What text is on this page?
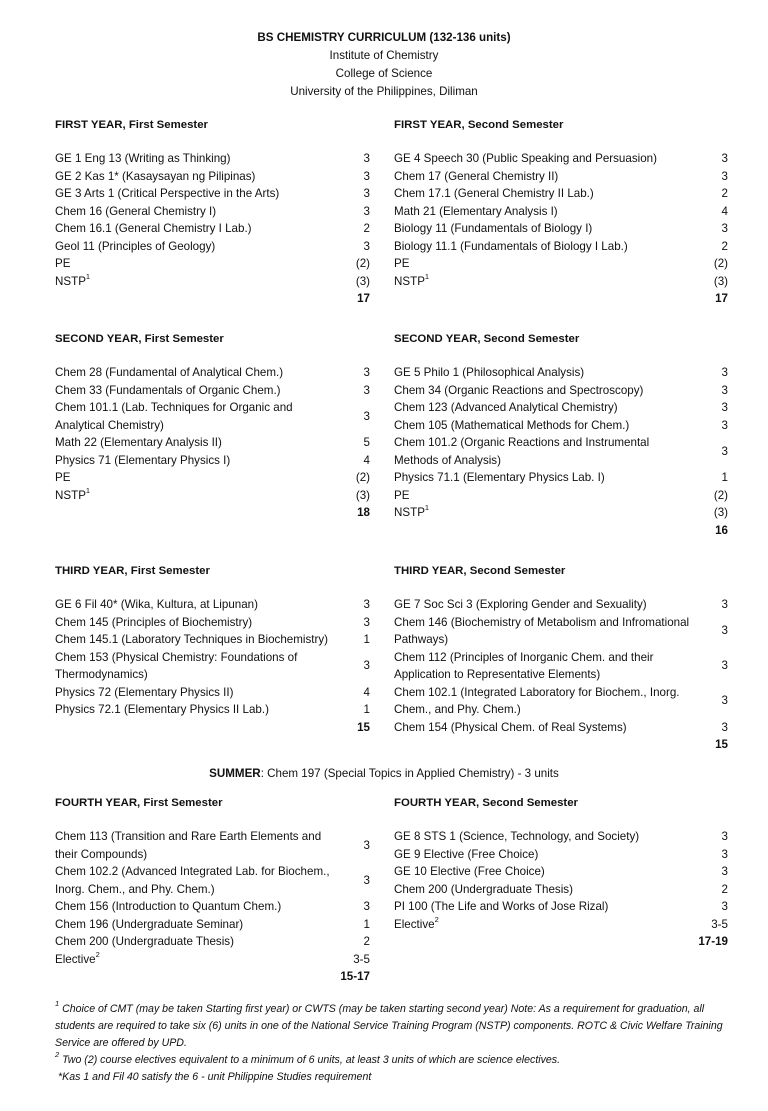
BS CHEMISTRY CURRICULUM (132-136 units)
Institute of Chemistry
College of Science
University of the Philippines, Diliman
FIRST YEAR, First Semester
GE 1 Eng 13 (Writing as Thinking)	3
GE 2 Kas 1* (Kasaysayan ng Pilipinas)	3
GE 3 Arts 1 (Critical Perspective in the Arts)	3
Chem 16 (General Chemistry I)	3
Chem 16.1 (General Chemistry I Lab.)	2
Geol 11 (Principles of Geology)	3
PE	(2)
NSTP$^1$	(3)
17
FIRST YEAR, Second Semester
GE 4 Speech 30 (Public Speaking and Persuasion)	3
Chem 17 (General Chemistry II)	3
Chem 17.1 (General Chemistry II Lab.)	2
Math 21 (Elementary Analysis I)	4
Biology 11 (Fundamentals of Biology I)	3
Biology 11.1 (Fundamentals of Biology I Lab.)	2
PE	(2)
NSTP$^1$	(3)
17
SECOND YEAR, First Semester
Chem 28 (Fundamental of Analytical Chem.)	3
Chem 33 (Fundamentals of Organic Chem.)	3
Chem 101.1 (Lab. Techniques for Organic and Analytical Chemistry)
3
Math 22 (Elementary Analysis II)	5
Physics 71 (Elementary Physics I)	4
PE	(2)
NSTP$^1$	(3)
18
SECOND YEAR, Second Semester
GE 5 Philo 1 (Philosophical Analysis)	3
Chem 34 (Organic Reactions and Spectroscopy)	3
Chem 123 (Advanced Analytical Chemistry)	3
Chem 105 (Mathematical Methods for Chem.)	3
Chem 101.2 (Organic Reactions and Instrumental Methods of Analysis)
3
Physics 71.1 (Elementary Physics Lab. I)	1
PE	(2)
NSTP$^1$	(3)
16
THIRD YEAR, First Semester
GE 6 Fil 40* (Wika, Kultura, at Lipunan)	3
Chem 145 (Principles of Biochemistry)	3
Chem 145.1 (Laboratory Techniques in Biochemistry)	1
Chem 153 (Physical Chemistry: Foundations of Thermodynamics)
3
Physics 72 (Elementary Physics II)	4
Physics 72.1 (Elementary Physics II Lab.)	1
15
THIRD YEAR, Second Semester
GE 7 Soc Sci 3 (Exploring Gender and Sexuality)	3
Chem 146 (Biochemistry of Metabolism and Infromational Pathways)
3
Chem 112 (Principles of Inorganic Chem. and their Application to Representative Elements)
3
Chem 102.1 (Integrated Laboratory for Biochem., Inorg. Chem., and Phy. Chem.)
3
Chem 154 (Physical Chem. of Real Systems)	3
15
SUMMER: Chem 197 (Special Topics in Applied Chemistry) - 3 units
FOURTH YEAR, First Semester
Chem 113 (Transition and Rare Earth Elements and their Compounds)
3
Chem 102.2 (Advanced Integrated Lab. for Biochem., Inorg. Chem., and Phy. Chem.)
3
Chem 156 (Introduction to Quantum Chem.)	3
Chem 196 (Undergraduate Seminar)	1
Chem 200 (Undergraduate Thesis)	2
Elective$^2$	3-5
15-17
FOURTH YEAR, Second Semester
GE 8 STS 1 (Science, Technology, and Society)	3
GE 9 Elective (Free Choice)	3
GE 10 Elective (Free Choice)	3
Chem 200 (Undergraduate Thesis)	2
PI 100 (The Life and Works of Jose Rizal)	3
Elective$^2$	3-5
17-19

$^1$ Choice of CMT (may be taken Starting first year) or CWTS (may be taken starting second year) Note: As a requirement for graduation, all students are required to take six (6) units in one of the National Service Training Program (NSTP) components. ROTC & Civic Welfare Training Service are offered by UPD.

$^2$ Two (2) course electives equivalent to a minimum of 6 units, at least 3 units of which are science electives.

*Kas 1 and Fil 40 satisfy the 6 - unit Philippine Studies requirement
